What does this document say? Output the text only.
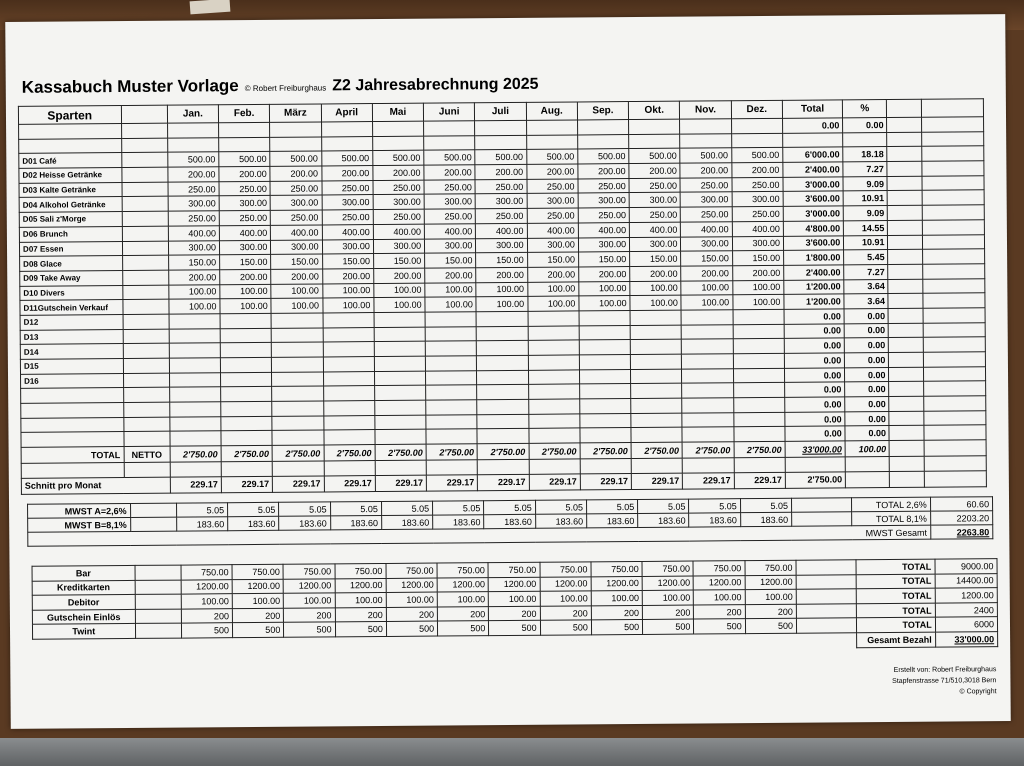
Kassabuch Muster Vorlage © Robert Freiburghaus Z2 Jahresabrechnung 2025
Sparten		Jan.	Feb.	März	April	Mai	Juni	Juli	Aug.	Sep.	Okt.	Nov.	Dez.	Total	%		
														0.00	0.00		

D01 Café		500.00	500.00	500.00	500.00	500.00	500.00	500.00	500.00	500.00	500.00	500.00	500.00	6'000.00	18.18		
D02 Heisse Getränke		200.00	200.00	200.00	200.00	200.00	200.00	200.00	200.00	200.00	200.00	200.00	200.00	2'400.00	7.27		
D03 Kalte Getränke		250.00	250.00	250.00	250.00	250.00	250.00	250.00	250.00	250.00	250.00	250.00	250.00	3'000.00	9.09		
D04 Alkohol Getränke		300.00	300.00	300.00	300.00	300.00	300.00	300.00	300.00	300.00	300.00	300.00	300.00	3'600.00	10.91		
D05 Sali z'Morge		250.00	250.00	250.00	250.00	250.00	250.00	250.00	250.00	250.00	250.00	250.00	250.00	3'000.00	9.09		
D06 Brunch		400.00	400.00	400.00	400.00	400.00	400.00	400.00	400.00	400.00	400.00	400.00	400.00	4'800.00	14.55		
D07 Essen		300.00	300.00	300.00	300.00	300.00	300.00	300.00	300.00	300.00	300.00	300.00	300.00	3'600.00	10.91		
D08 Glace		150.00	150.00	150.00	150.00	150.00	150.00	150.00	150.00	150.00	150.00	150.00	150.00	1'800.00	5.45		
D09 Take Away		200.00	200.00	200.00	200.00	200.00	200.00	200.00	200.00	200.00	200.00	200.00	200.00	2'400.00	7.27		
D10 Divers		100.00	100.00	100.00	100.00	100.00	100.00	100.00	100.00	100.00	100.00	100.00	100.00	1'200.00	3.64		
D11Gutschein Verkauf		100.00	100.00	100.00	100.00	100.00	100.00	100.00	100.00	100.00	100.00	100.00	100.00	1'200.00	3.64		
D12														0.00	0.00		
D13														0.00	0.00		
D14														0.00	0.00		
D15														0.00	0.00		
D16														0.00	0.00		
														0.00	0.00		
														0.00	0.00		
														0.00	0.00		
														0.00	0.00		
TOTAL	NETTO	2'750.00	2'750.00	2'750.00	2'750.00	2'750.00	2'750.00	2'750.00	2'750.00	2'750.00	2'750.00	2'750.00	2'750.00	33'000.00	100.00		

Schnitt pro Monat		229.17	229.17	229.17	229.17	229.17	229.17	229.17	229.17	229.17	229.17	229.17	229.17	2'750.00			
MWST A=2,6%		5.05	5.05	5.05	5.05	5.05	5.05	5.05	5.05	5.05	5.05	5.05	5.05		TOTAL 2,6%	60.60
MWST B=8,1%		183.60	183.60	183.60	183.60	183.60	183.60	183.60	183.60	183.60	183.60	183.60	183.60		TOTAL 8,1%	2203.20
MWST Gesamt																2263.80
Bar		750.00	750.00	750.00	750.00	750.00	750.00	750.00	750.00	750.00	750.00	750.00	750.00		TOTAL	9000.00
Kreditkarten		1200.00	1200.00	1200.00	1200.00	1200.00	1200.00	1200.00	1200.00	1200.00	1200.00	1200.00	1200.00		TOTAL	14400.00
Debitor		100.00	100.00	100.00	100.00	100.00	100.00	100.00	100.00	100.00	100.00	100.00	100.00		TOTAL	1200.00
Gutschein Einlös		200	200	200	200	200	200	200	200	200	200	200	200		TOTAL	2400
Twint		500	500	500	500	500	500	500	500	500	500	500	500		TOTAL	6000
															Gesamt Bezahl	33'000.00
Erstellt von: Robert Freiburghaus
Stapfenstrasse 71/510,3018 Bern
© Copyright
